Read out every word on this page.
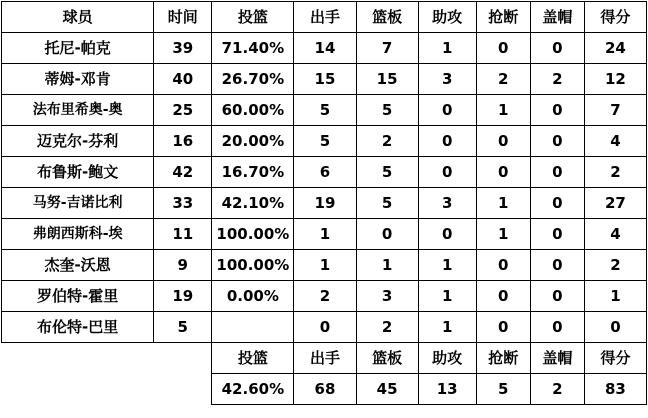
球员	时间	投篮	出手	篮板	助攻	抢断	盖帽	得分
托尼-帕克	39	71.40%	14	7	1	0	0	24
蒂姆-邓肯	40	26.70%	15	15	3	2	2	12
法布里希奥-奥	25	60.00%	5	5	0	1	0	7
迈克尔-芬利	16	20.00%	5	2	0	0	0	4
布鲁斯-鲍文	42	16.70%	6	5	0	0	0	2
马努-吉诺比利	33	42.10%	19	5	3	1	0	27
弗朗西斯科-埃	11	100.00%	1	0	0	1	0	4
杰奎-沃恩	9	100.00%	1	1	1	0	0	2
罗伯特-霍里	19	0.00%	2	3	1	0	0	1
布伦特-巴里	5		0	2	1	0	0	0
		投篮	出手	篮板	助攻	抢断	盖帽	得分
		42.60%	68	45	13	5	2	83
